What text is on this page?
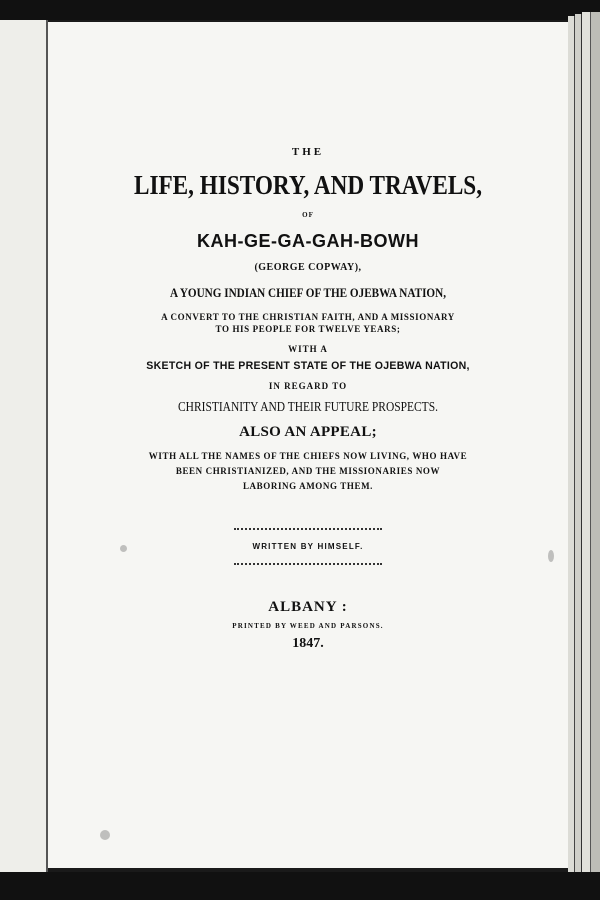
THE
LIFE, HISTORY, AND TRAVELS,
OF
KAH-GE-GA-GAH-BOWH
(GEORGE COPWAY),
A YOUNG INDIAN CHIEF OF THE OJEBWA NATION,
A CONVERT TO THE CHRISTIAN FAITH, AND A MISSIONARY
TO HIS PEOPLE FOR TWELVE YEARS;
WITH A
SKETCH OF THE PRESENT STATE OF THE OJEBWA NATION,
IN REGARD TO
CHRISTIANITY AND THEIR FUTURE PROSPECTS.
ALSO AN APPEAL;
WITH ALL THE NAMES OF THE CHIEFS NOW LIVING, WHO HAVE
BEEN CHRISTIANIZED, AND THE MISSIONARIES NOW
LABORING AMONG THEM.
WRITTEN BY HIMSELF.
ALBANY :
PRINTED BY WEED AND PARSONS.
1847.
